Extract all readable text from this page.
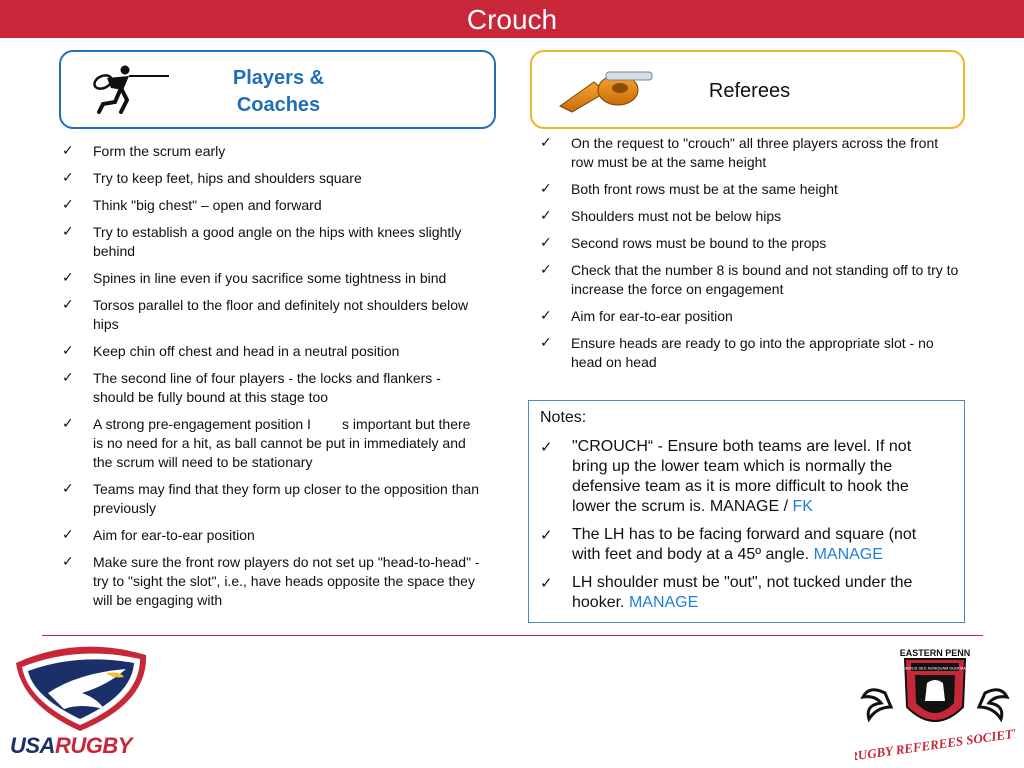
Crouch
Players &
Coaches
Referees
✓ Form the scrum early
✓ Try to keep feet, hips and shoulders square
✓ Think "big chest" – open and forward
✓ Try to establish a good angle on the hips with knees slightly behind
✓ Spines in line even if you sacrifice some tightness in bind
✓ Torsos parallel to the floor and definitely not shoulders below hips
✓ Keep chin off chest and head in a neutral position
✓ The second line of four players - the locks and flankers - should be fully bound at this stage too
✓ A strong pre-engagement position I        s important but there is no need for a hit, as ball cannot be put in immediately and the scrum will need to be stationary
✓ Teams may find that they form up closer to the opposition than previously
✓ Aim for ear-to-ear position
✓ Make sure the front row players do not set up "head-to-head" - try to "sight the slot", i.e., have heads opposite the space they will be engaging with
✓ On the request to "crouch" all three players across the front row must be at the same height
✓ Both front rows must be at the same height
✓ Shoulders must not be below hips
✓ Second rows must be bound to the props
✓ Check that the number 8 is bound and not standing off to try to increase the force on engagement
✓ Aim for ear-to-ear position
✓ Ensure heads are ready to go into the appropriate slot - no head on head
Notes:
✓ "CROUCH“ - Ensure both teams are level. If not bring up the lower team which is normally the defensive team as it is more difficult to hook the lower the scrum is. MANAGE / FK
✓ The LH has to be facing forward and square (not with feet and body at a 45º angle. MANAGE
✓ LH shoulder must be "out", not tucked under the hooker. MANAGE
USARUGBY
EASTERN PENN
ENDEMUS SED NUNQUAM DUBITAMUS
RUGBY REFEREES SOCIETY
